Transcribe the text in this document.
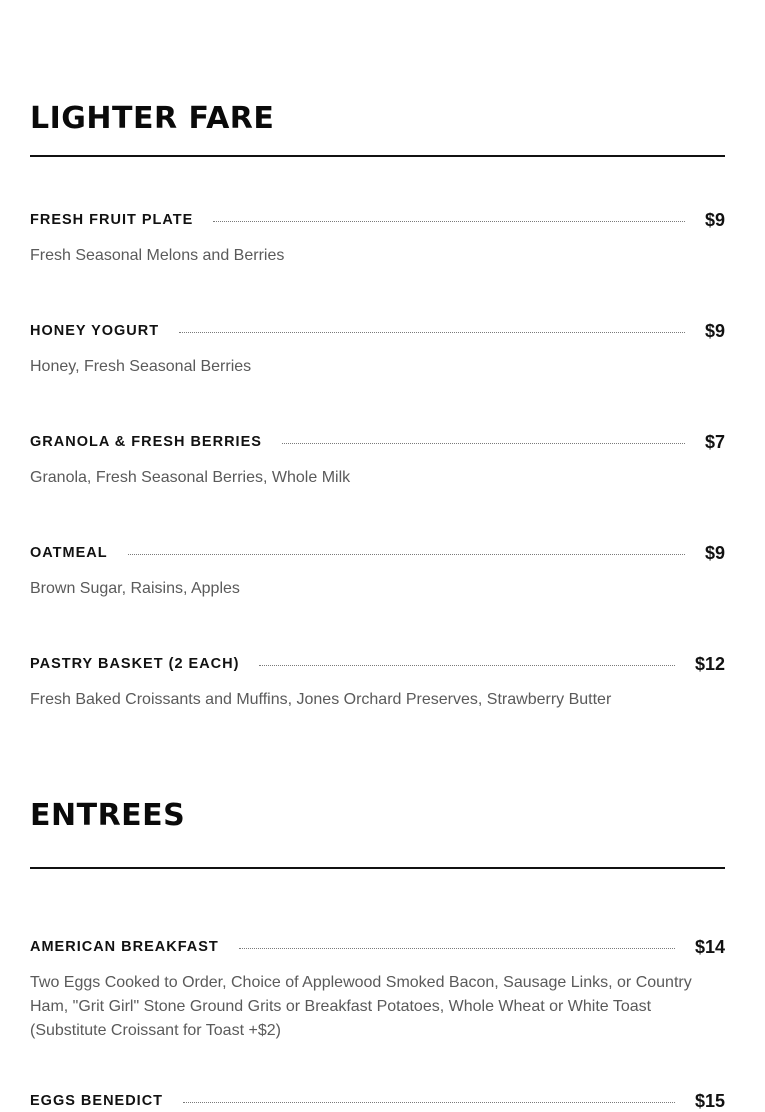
LIGHTER FARE
FRESH FRUIT PLATE	$9
Fresh Seasonal Melons and Berries
HONEY YOGURT	$9
Honey, Fresh Seasonal Berries
GRANOLA & FRESH BERRIES	$7
Granola, Fresh Seasonal Berries, Whole Milk
OATMEAL	$9
Brown Sugar, Raisins, Apples
PASTRY BASKET (2 EACH)	$12
Fresh Baked Croissants and Muffins, Jones Orchard Preserves, Strawberry Butter
ENTREES
AMERICAN BREAKFAST	$14
Two Eggs Cooked to Order, Choice of Applewood Smoked Bacon, Sausage Links, or Country Ham, "Grit Girl" Stone Ground Grits or Breakfast Potatoes, Whole Wheat or White Toast (Substitute Croissant for Toast +$2)
EGGS BENEDICT	$15
